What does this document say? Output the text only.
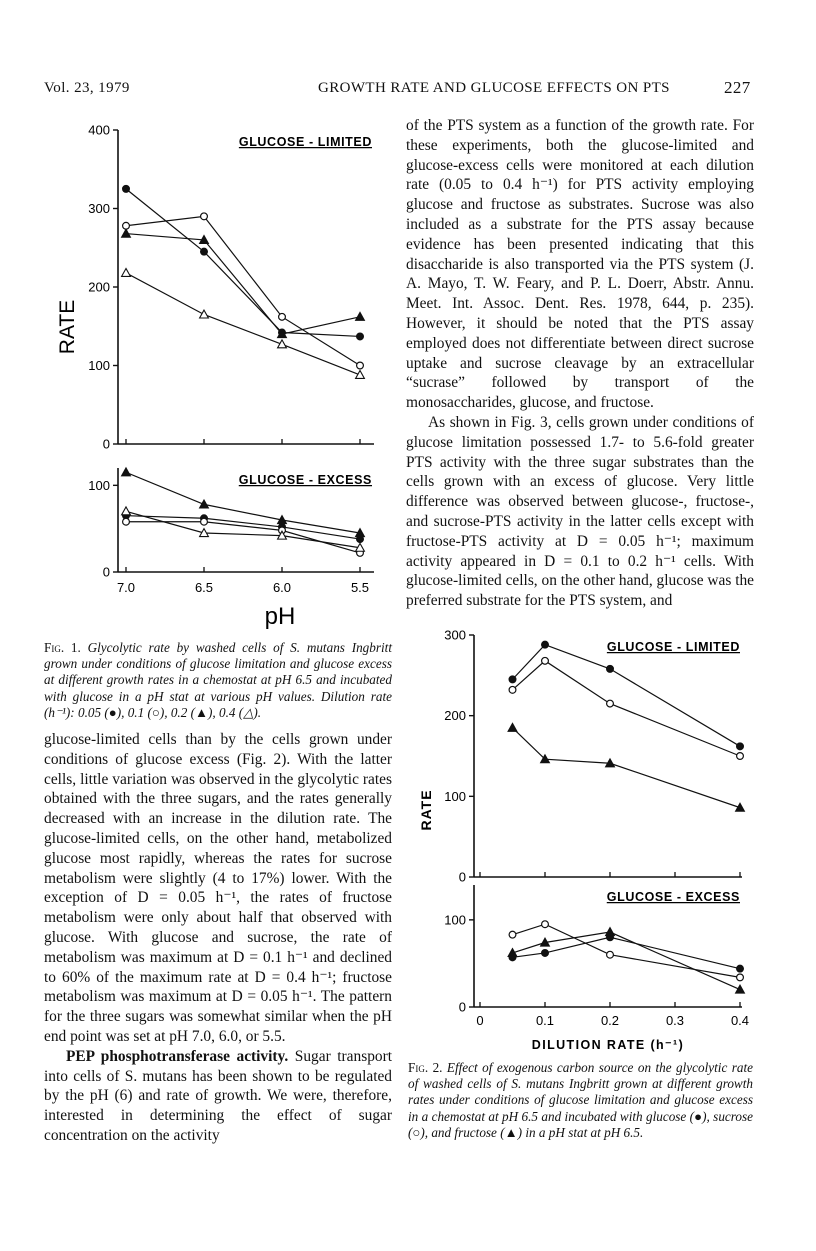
Vol. 23, 1979	GROWTH RATE AND GLUCOSE EFFECTS ON PTS	227
0
100
200
300
400
GLUCOSE - LIMITED
0
100	GLUCOSE - EXCESS
7.0	6.5	6.0	5.5
pH
RATE
Fig. 1. Glycolytic rate by washed cells of S. mutans Ingbritt grown under conditions of glucose limitation and glucose excess at different growth rates in a chemostat at pH 6.5 and incubated with glucose in a pH stat at various pH values. Dilution rate (h⁻¹): 0.05 (●), 0.1 (○), 0.2 (▲), 0.4 (△).

glucose-limited cells than by the cells grown under conditions of glucose excess (Fig. 2). With the latter cells, little variation was observed in the glycolytic rates obtained with the three sugars, and the rates generally decreased with an increase in the dilution rate. The glucose-limited cells, on the other hand, metabolized glucose most rapidly, whereas the rates for sucrose metabolism were slightly (4 to 17%) lower. With the exception of D = 0.05 h⁻¹, the rates of fructose metabolism were only about half that observed with glucose. With glucose and sucrose, the rate of metabolism was maximum at D = 0.1 h⁻¹ and declined to 60% of the maximum rate at D = 0.4 h⁻¹; fructose metabolism was maximum at D = 0.05 h⁻¹. The pattern for the three sugars was somewhat similar when the pH end point was set at pH 7.0, 6.0, or 5.5.

PEP phosphotransferase activity. Sugar transport into cells of S. mutans has been shown to be regulated by the pH (6) and rate of growth. We were, therefore, interested in determining the effect of sugar concentration on the activity

of the PTS system as a function of the growth rate. For these experiments, both the glucose-limited and glucose-excess cells were monitored at each dilution rate (0.05 to 0.4 h⁻¹) for PTS activity employing glucose and fructose as substrates. Sucrose was also included as a substrate for the PTS assay because evidence has been presented indicating that this disaccharide is also transported via the PTS system (J. A. Mayo, T. W. Feary, and P. L. Doerr, Abstr. Annu. Meet. Int. Assoc. Dent. Res. 1978, 644, p. 235). However, it should be noted that the PTS assay employed does not differentiate between direct sucrose uptake and sucrose cleavage by an extracellular “sucrase” followed by transport of the monosaccharides, glucose, and fructose.

As shown in Fig. 3, cells grown under conditions of glucose limitation possessed 1.7- to 5.6-fold greater PTS activity with the three sugar substrates than the cells grown with an excess of glucose. Very little difference was observed between glucose-, fructose-, and sucrose-PTS activity in the latter cells except with fructose-PTS activity at D = 0.05 h⁻¹; maximum activity appeared in D = 0.1 to 0.2 h⁻¹ cells. With glucose-limited cells, on the other hand, glucose was the preferred substrate for the PTS system, and

0
100
200
300
GLUCOSE - LIMITED
0
100
GLUCOSE - EXCESS
0	0.1	0.2	0.3	0.4
DILUTION RATE (h⁻¹)
RATE
Fig. 2. Effect of exogenous carbon source on the glycolytic rate of washed cells of S. mutans Ingbritt grown at different growth rates under conditions of glucose limitation and glucose excess in a chemostat at pH 6.5 and incubated with glucose (●), sucrose (○), and fructose (▲) in a pH stat at pH 6.5.
